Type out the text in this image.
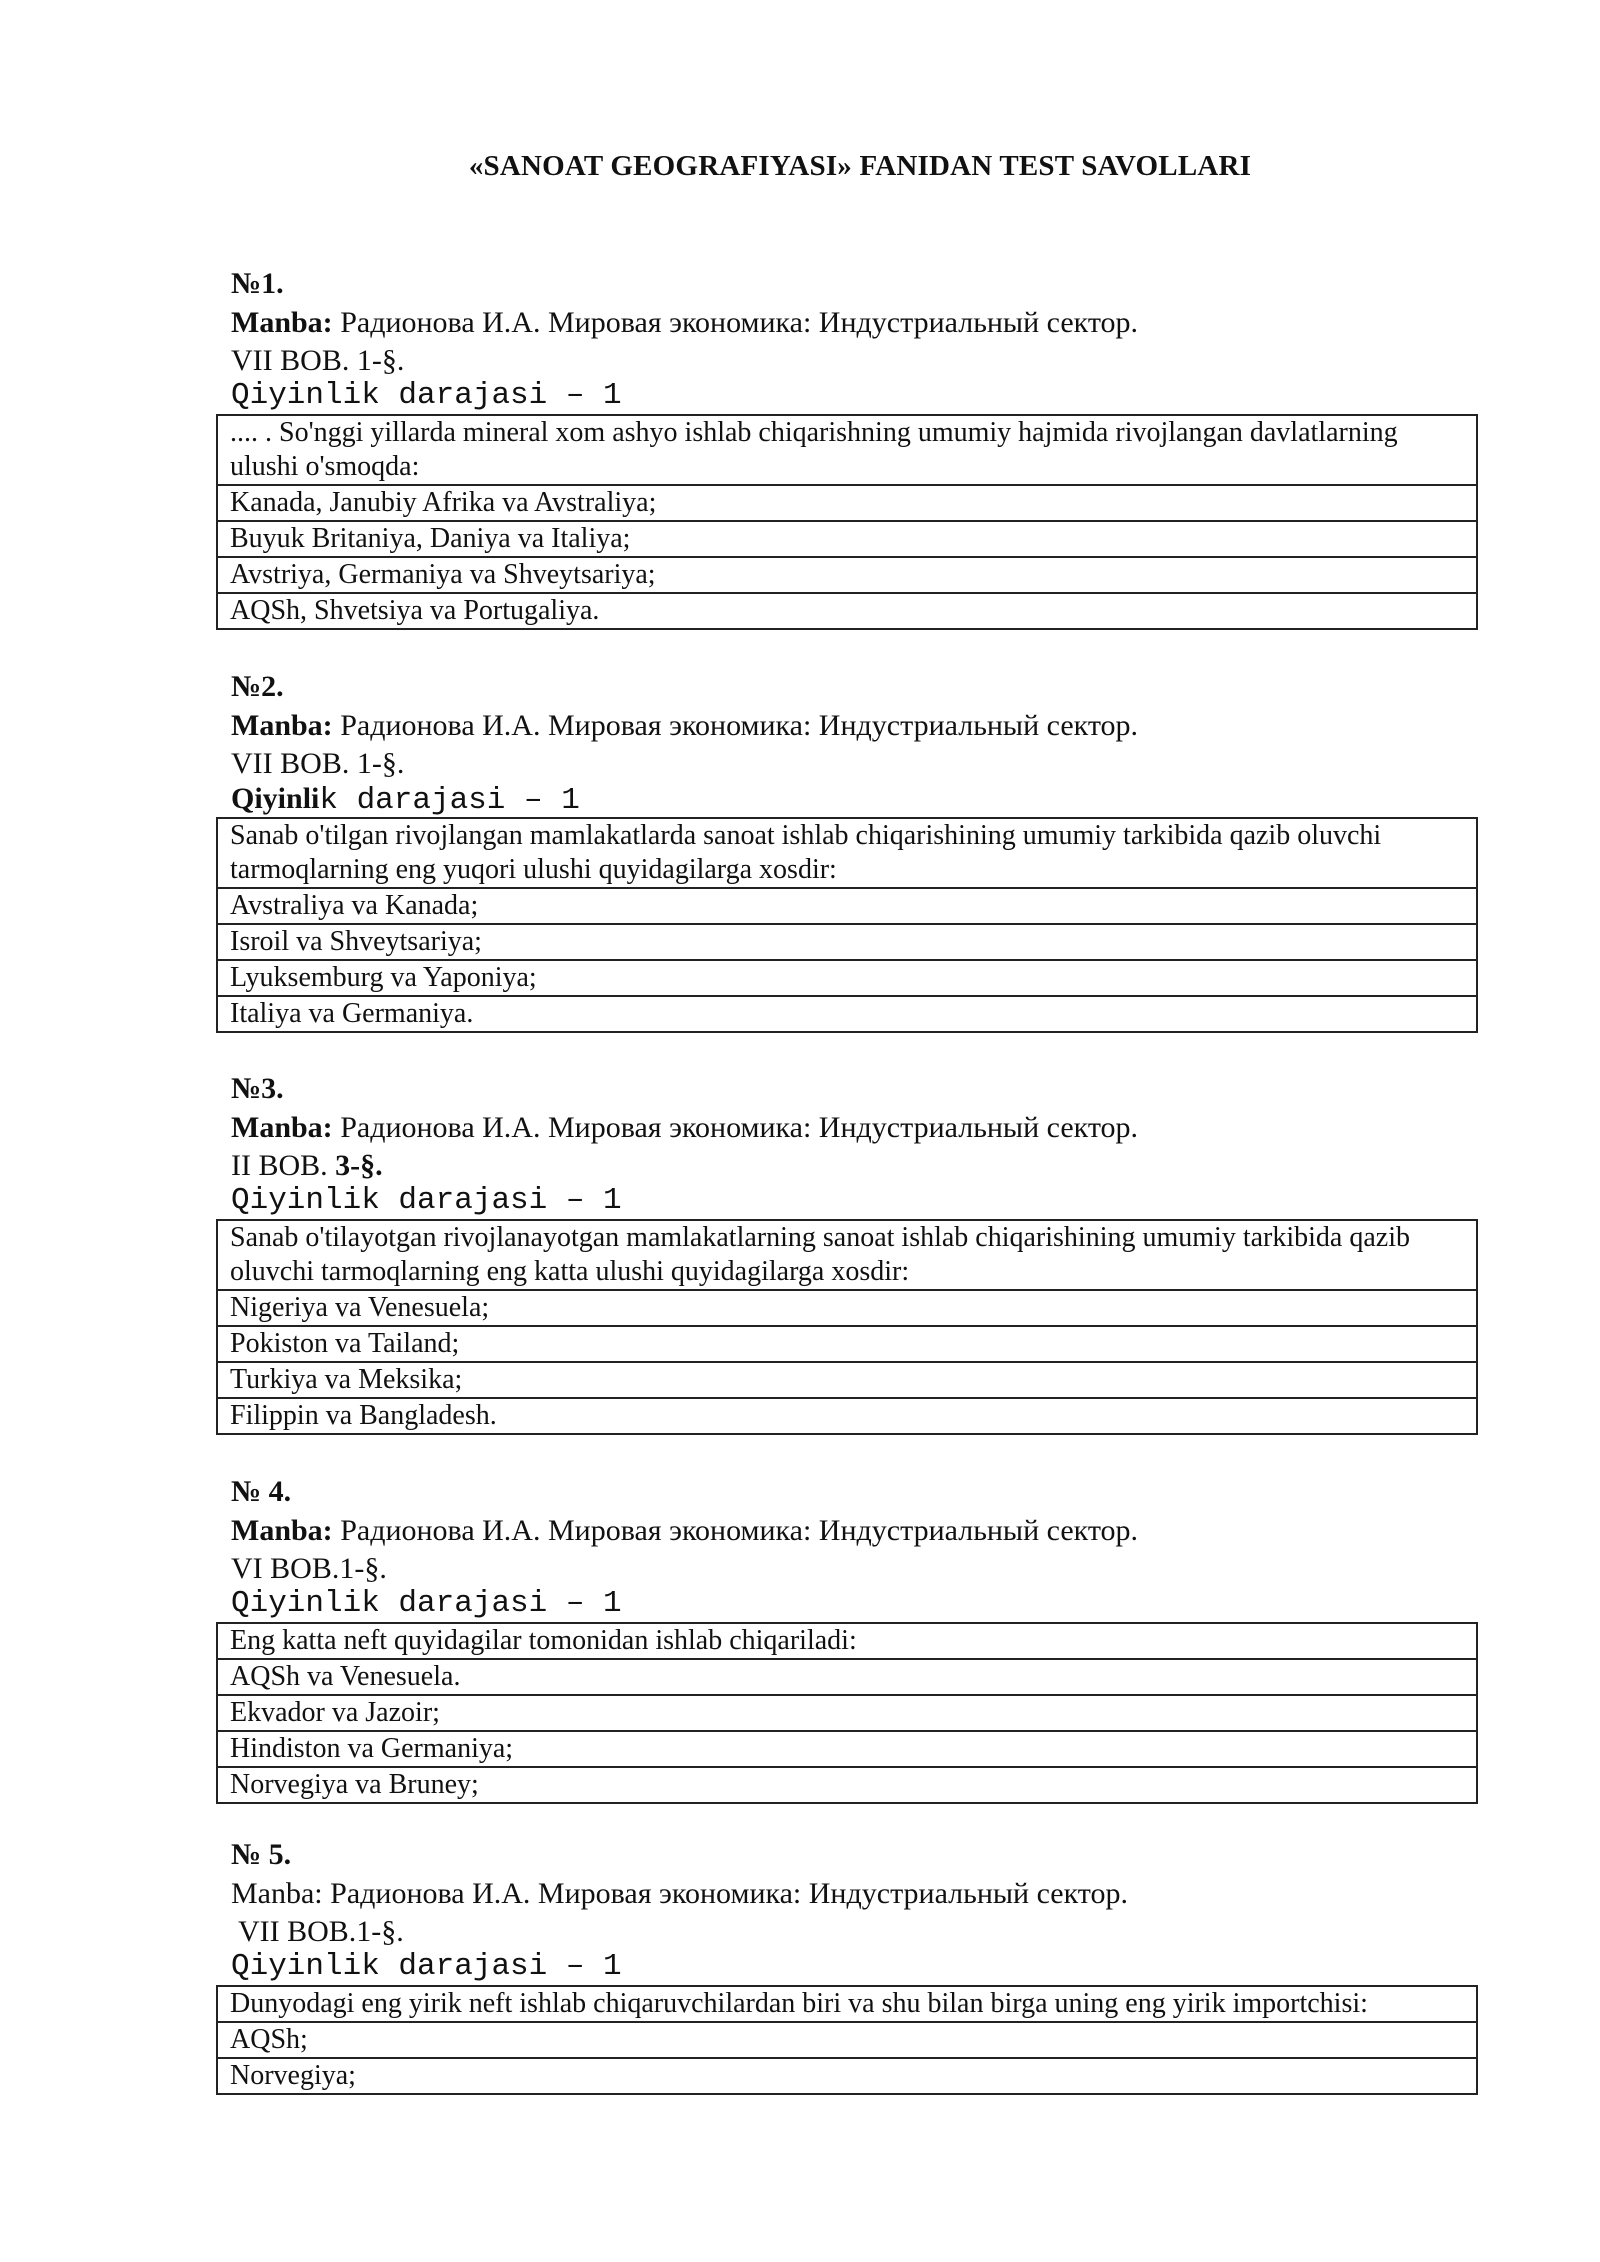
«SANOAT GEOGRAFIYASI» FANIDAN TEST SAVOLLARI
№1.
Manba: Радионова И.А. Мировая экономика: Индустриальный сектор.
VII BOB. 1-§.
Qiyinlik darajasi – 1
.... . So'nggi yillarda mineral xom ashyo ishlab chiqarishning umumiy hajmida rivojlangan davlatlarning ulushi o'smoqda:
Kanada, Janubiy Afrika va Avstraliya;
Buyuk Britaniya, Daniya va Italiya;
Avstriya, Germaniya va Shveytsariya;
AQSh, Shvetsiya va Portugaliya.
№2.
Manba: Радионова И.А. Мировая экономика: Индустриальный сектор.
VII BOB. 1-§.
Qiyinlik darajasi – 1
Sanab o'tilgan rivojlangan mamlakatlarda sanoat ishlab chiqarishining umumiy tarkibida qazib oluvchi tarmoqlarning eng yuqori ulushi quyidagilarga xosdir:
Avstraliya va Kanada;
Isroil va Shveytsariya;
Lyuksemburg va Yaponiya;
Italiya va Germaniya.
№3.
Manba: Радионова И.А. Мировая экономика: Индустриальный сектор.
II BOB. 3-§.
Qiyinlik darajasi – 1
Sanab o'tilayotgan rivojlanayotgan mamlakatlarning sanoat ishlab chiqarishining umumiy tarkibida qazib oluvchi tarmoqlarning eng katta ulushi quyidagilarga xosdir:
Nigeriya va Venesuela;
Pokiston va Tailand;
Turkiya va Meksika;
Filippin va Bangladesh.
№ 4.
Manba: Радионова И.А. Мировая экономика: Индустриальный сектор.
VI BOB.1-§.
Qiyinlik darajasi – 1
Eng katta neft quyidagilar tomonidan ishlab chiqariladi:
AQSh va Venesuela.
Ekvador va Jazoir;
Hindiston va Germaniya;
Norvegiya va Bruney;
№ 5.
Manba: Радионова И.А. Мировая экономика: Индустриальный сектор.
VII BOB.1-§.
Qiyinlik darajasi – 1
Dunyodagi eng yirik neft ishlab chiqaruvchilardan biri va shu bilan birga uning eng yirik importchisi:
AQSh;
Norvegiya;
